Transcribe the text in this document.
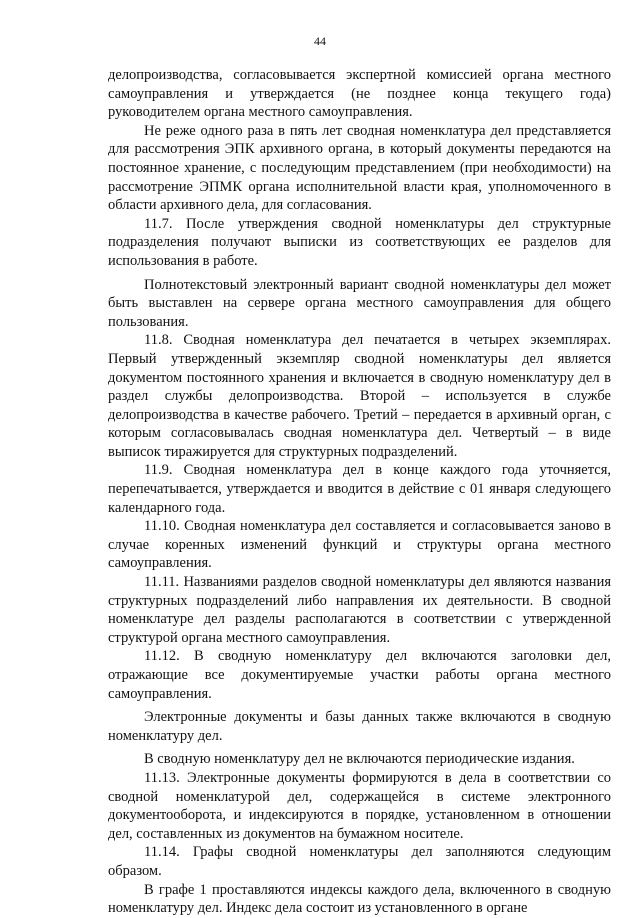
44

делопроизводства, согласовывается экспертной комиссией органа местного самоуправления и утверждается (не позднее конца текущего года) руководителем органа местного самоуправления.

Не реже одного раза в пять лет сводная номенклатура дел представляется для рассмотрения ЭПК архивного органа, в который документы передаются на постоянное хранение, с последующим представлением (при необходимости) на рассмотрение ЭПМК органа исполнительной власти края, уполномоченного в области архивного дела, для согласования.

11.7. После утверждения сводной номенклатуры дел структурные подразделения получают выписки из соответствующих ее разделов для использования в работе.

Полнотекстовый электронный вариант сводной номенклатуры дел может быть выставлен на сервере органа местного самоуправления для общего пользования.

11.8. Сводная номенклатура дел печатается в четырех экземплярах. Первый утвержденный экземпляр сводной номенклатуры дел является документом постоянного хранения и включается в сводную номенклатуру дел в раздел службы делопроизводства. Второй – используется в службе делопроизводства в качестве рабочего. Третий – передается в архивный орган, с которым согласовывалась сводная номенклатура дел. Четвертый – в виде выписок тиражируется для структурных подразделений.

11.9. Сводная номенклатура дел в конце каждого года уточняется, перепечатывается, утверждается и вводится в действие с 01 января следующего календарного года.

11.10. Сводная номенклатура дел составляется и согласовывается заново в случае коренных изменений функций и структуры органа местного самоуправления.

11.11. Названиями разделов сводной номенклатуры дел являются названия структурных подразделений либо направления их деятельности. В сводной номенклатуре дел разделы располагаются в соответствии с утвержденной структурой органа местного самоуправления.

11.12. В сводную номенклатуру дел включаются заголовки дел, отражающие все документируемые участки работы органа местного самоуправления.

Электронные документы и базы данных также включаются в сводную номенклатуру дел.

В сводную номенклатуру дел не включаются периодические издания.

11.13. Электронные документы формируются в дела в соответствии со сводной номенклатурой дел, содержащейся в системе электронного документооборота, и индексируются в порядке, установленном в отношении дел, составленных из документов на бумажном носителе.

11.14. Графы сводной номенклатуры дел заполняются следующим образом.

В графе 1 проставляются индексы каждого дела, включенного в сводную номенклатуру дел. Индекс дела состоит из установленного в органе
